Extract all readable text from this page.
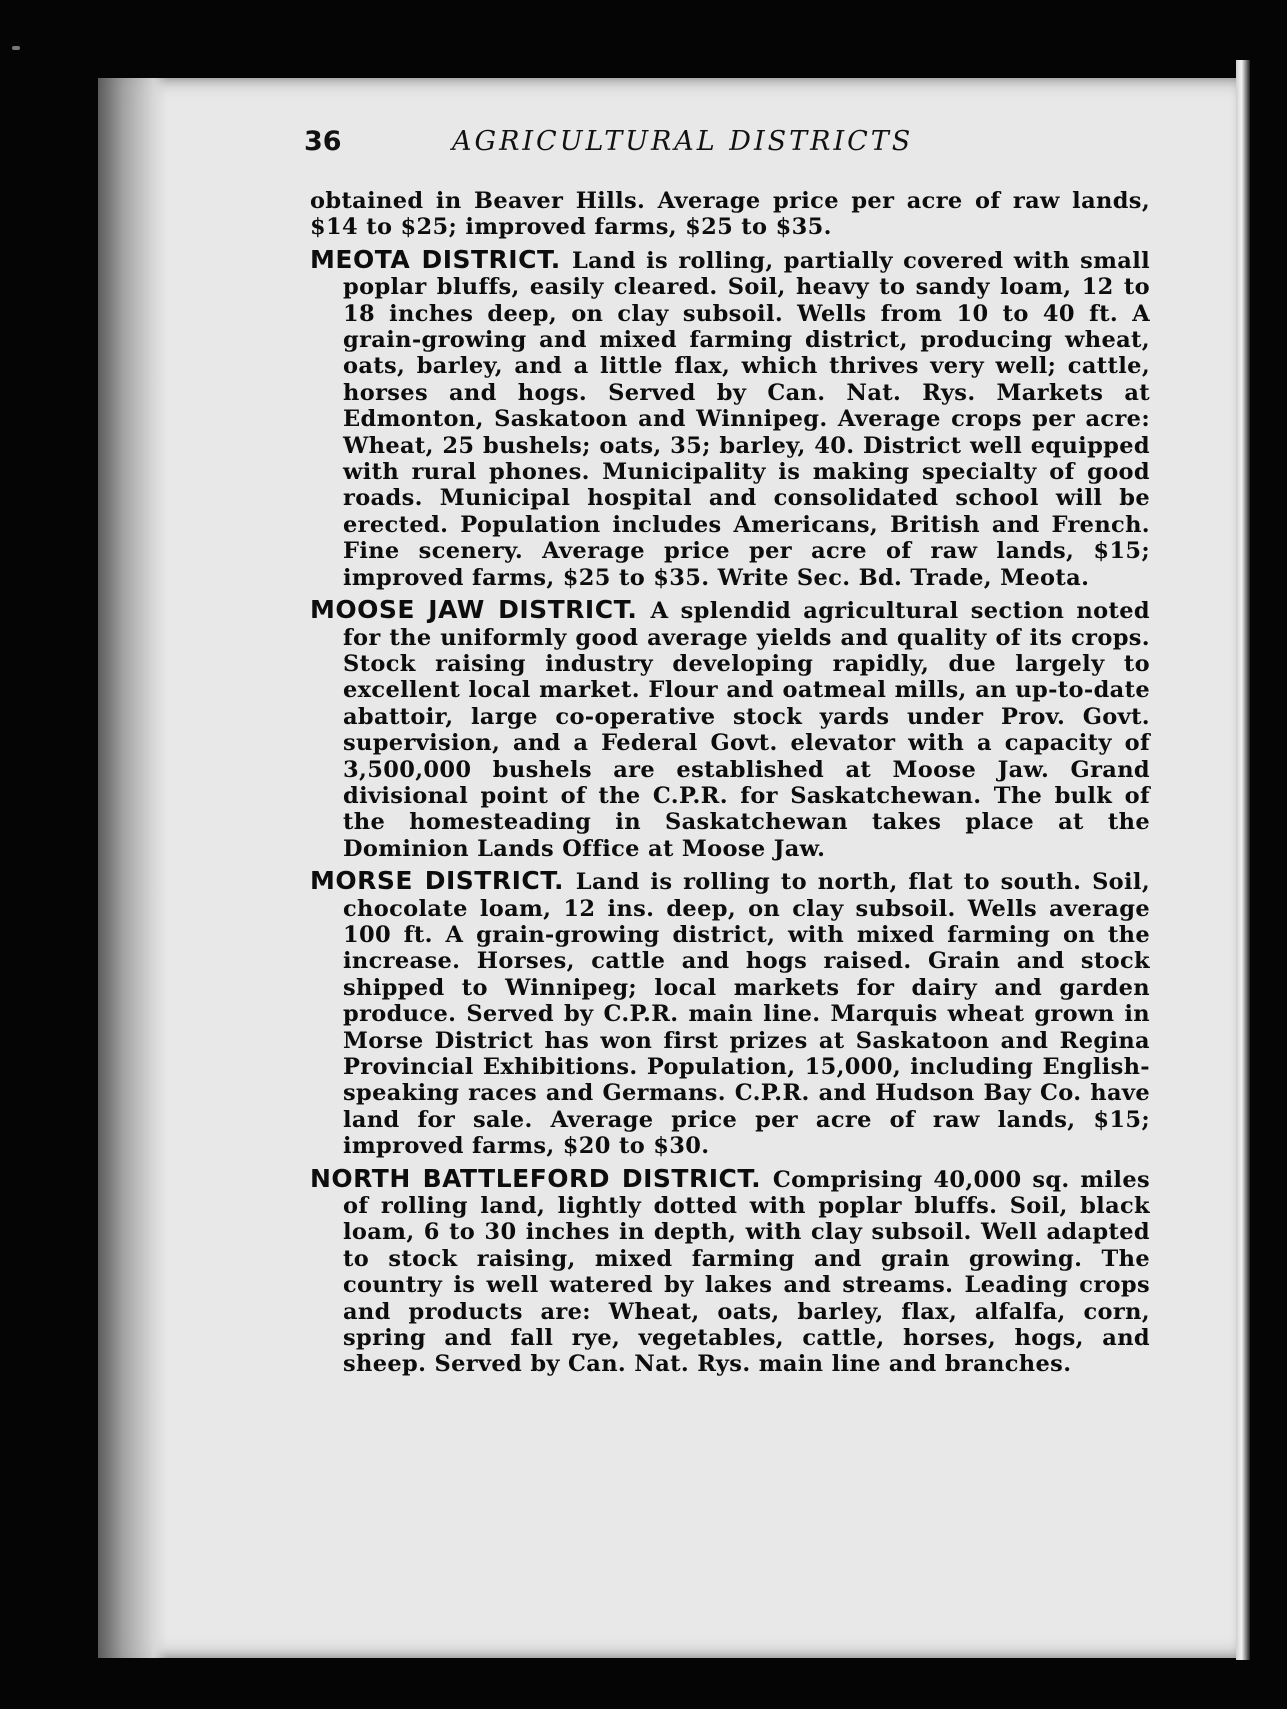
36	AGRICULTURAL DISTRICTS

obtained in Beaver Hills. Average price per acre of raw lands, $14 to $25; improved farms, $25 to $35.

MEOTA DISTRICT. Land is rolling, partially covered with small poplar bluffs, easily cleared. Soil, heavy to sandy loam, 12 to 18 inches deep, on clay subsoil. Wells from 10 to 40 ft. A grain-growing and mixed farming district, producing wheat, oats, barley, and a little flax, which thrives very well; cattle, horses and hogs. Served by Can. Nat. Rys. Markets at Edmonton, Saskatoon and Winnipeg. Average crops per acre: Wheat, 25 bushels; oats, 35; barley, 40. District well equipped with rural phones. Municipality is making specialty of good roads. Municipal hospital and consolidated school will be erected. Population includes Americans, British and French. Fine scenery. Average price per acre of raw lands, $15; improved farms, $25 to $35. Write Sec. Bd. Trade, Meota.

MOOSE JAW DISTRICT. A splendid agricultural section noted for the uniformly good average yields and quality of its crops. Stock raising industry developing rapidly, due largely to excellent local market. Flour and oatmeal mills, an up-to-date abattoir, large co-operative stock yards under Prov. Govt. supervision, and a Federal Govt. elevator with a capacity of 3,500,000 bushels are established at Moose Jaw. Grand divisional point of the C.P.R. for Saskatchewan. The bulk of the homesteading in Saskatchewan takes place at the Dominion Lands Office at Moose Jaw.

MORSE DISTRICT. Land is rolling to north, flat to south. Soil, chocolate loam, 12 ins. deep, on clay subsoil. Wells average 100 ft. A grain-growing district, with mixed farming on the increase. Horses, cattle and hogs raised. Grain and stock shipped to Winnipeg; local markets for dairy and garden produce. Served by C.P.R. main line. Marquis wheat grown in Morse District has won first prizes at Saskatoon and Regina Provincial Exhibitions. Population, 15,000, including English-speaking races and Germans. C.P.R. and Hudson Bay Co. have land for sale. Average price per acre of raw lands, $15; improved farms, $20 to $30.

NORTH BATTLEFORD DISTRICT. Comprising 40,000 sq. miles of rolling land, lightly dotted with poplar bluffs. Soil, black loam, 6 to 30 inches in depth, with clay subsoil. Well adapted to stock raising, mixed farming and grain growing. The country is well watered by lakes and streams. Leading crops and products are: Wheat, oats, barley, flax, alfalfa, corn, spring and fall rye, vegetables, cattle, horses, hogs, and sheep. Served by Can. Nat. Rys. main line and branches.
